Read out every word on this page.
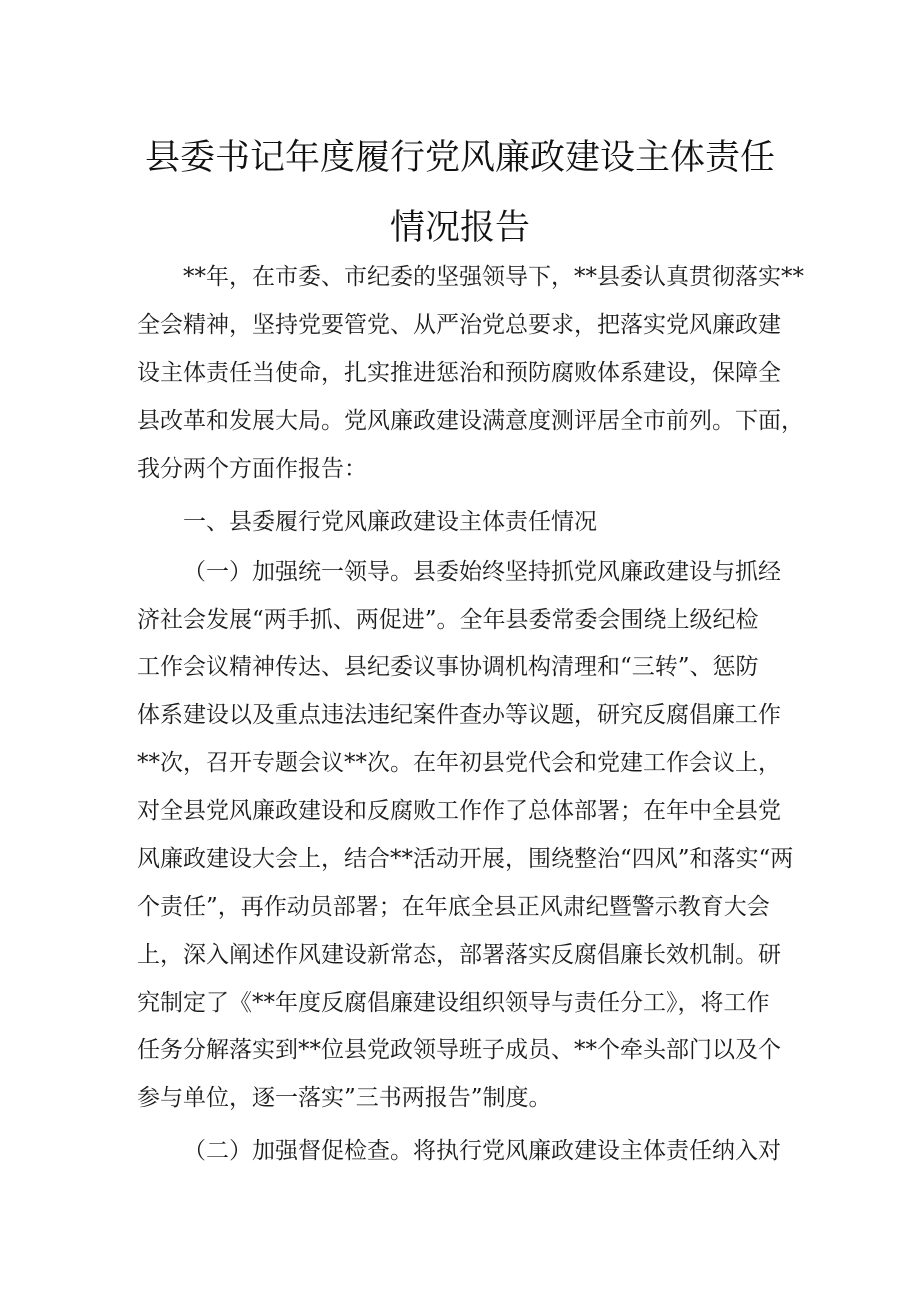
县委书记年度履行党风廉政建设主体责任
情况报告

**年，在市委、市纪委的坚强领导下，**县委认真贯彻落实**

全会精神，坚持党要管党、从严治党总要求，把落实党风廉政建

设主体责任当使命，扎实推进惩治和预防腐败体系建设，保障全

县改革和发展大局。党风廉政建设满意度测评居全市前列。下面，

我分两个方面作报告：

一、县委履行党风廉政建设主体责任情况

（一）加强统一领导。县委始终坚持抓党风廉政建设与抓经

济社会发展“两手抓、两促进”。全年县委常委会围绕上级纪检

工作会议精神传达、县纪委议事协调机构清理和“三转”、惩防

体系建设以及重点违法违纪案件查办等议题，研究反腐倡廉工作

**次，召开专题会议**次。在年初县党代会和党建工作会议上，

对全县党风廉政建设和反腐败工作作了总体部署；在年中全县党

风廉政建设大会上，结合**活动开展，围绕整治“四风”和落实“两

个责任”，再作动员部署；在年底全县正风肃纪暨警示教育大会

上，深入阐述作风建设新常态，部署落实反腐倡廉长效机制。研

究制定了《**年度反腐倡廉建设组织领导与责任分工》，将工作

任务分解落实到**位县党政领导班子成员、**个牵头部门以及个

参与单位，逐一落实”三书两报告”制度。

（二）加强督促检查。将执行党风廉政建设主体责任纳入对
